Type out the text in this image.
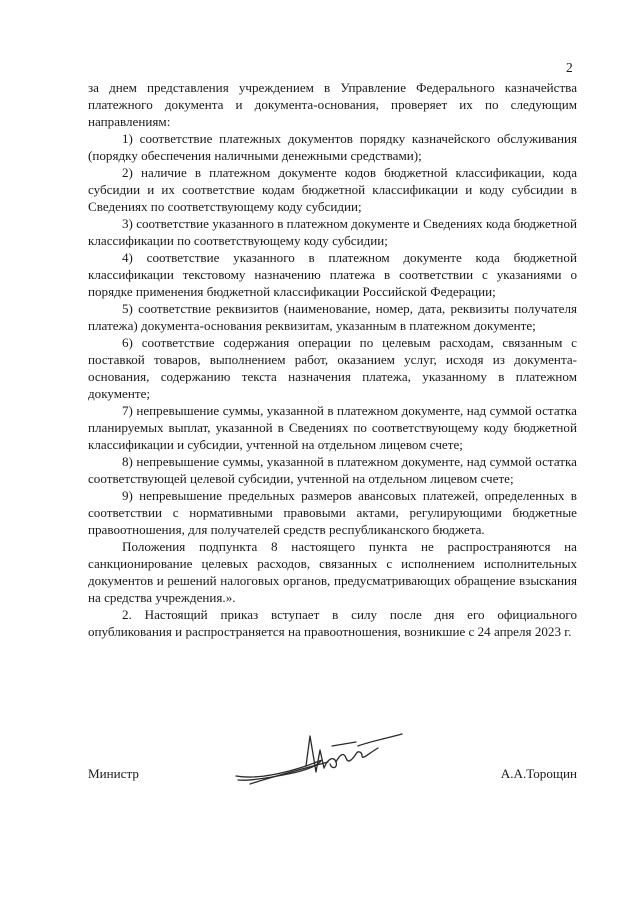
2

за днем представления учреждением в Управление Федерального казначейства платежного документа и документа-основания, проверяет их по следующим направлениям:

1) соответствие платежных документов порядку казначейского обслуживания (порядку обеспечения наличными денежными средствами);

2) наличие в платежном документе кодов бюджетной классификации, кода субсидии и их соответствие кодам бюджетной классификации и коду субсидии в Сведениях по соответствующему коду субсидии;

3) соответствие указанного в платежном документе и Сведениях кода бюджетной классификации по соответствующему коду субсидии;

4) соответствие указанного в платежном документе кода бюджетной классификации текстовому назначению платежа в соответствии с указаниями о порядке применения бюджетной классификации Российской Федерации;

5) соответствие реквизитов (наименование, номер, дата, реквизиты получателя платежа) документа-основания реквизитам, указанным в платежном документе;

6) соответствие содержания операции по целевым расходам, связанным с поставкой товаров, выполнением работ, оказанием услуг, исходя из документа-основания, содержанию текста назначения платежа, указанному в платежном документе;

7) непревышение суммы, указанной в платежном документе, над суммой остатка планируемых выплат, указанной в Сведениях по соответствующему коду бюджетной классификации и субсидии, учтенной на отдельном лицевом счете;

8) непревышение суммы, указанной в платежном документе, над суммой остатка соответствующей целевой субсидии, учтенной на отдельном лицевом счете;

9) непревышение предельных размеров авансовых платежей, определенных в соответствии с нормативными правовыми актами, регулирующими бюджетные правоотношения, для получателей средств республиканского бюджета.

Положения подпункта 8 настоящего пункта не распространяются на санкционирование целевых расходов, связанных с исполнением исполнительных документов и решений налоговых органов, предусматривающих обращение взыскания на средства учреждения.».

2. Настоящий приказ вступает в силу после дня его официального опубликования и распространяется на правоотношения, возникшие с 24 апреля 2023 г.

Министр	А.А.Торощин
